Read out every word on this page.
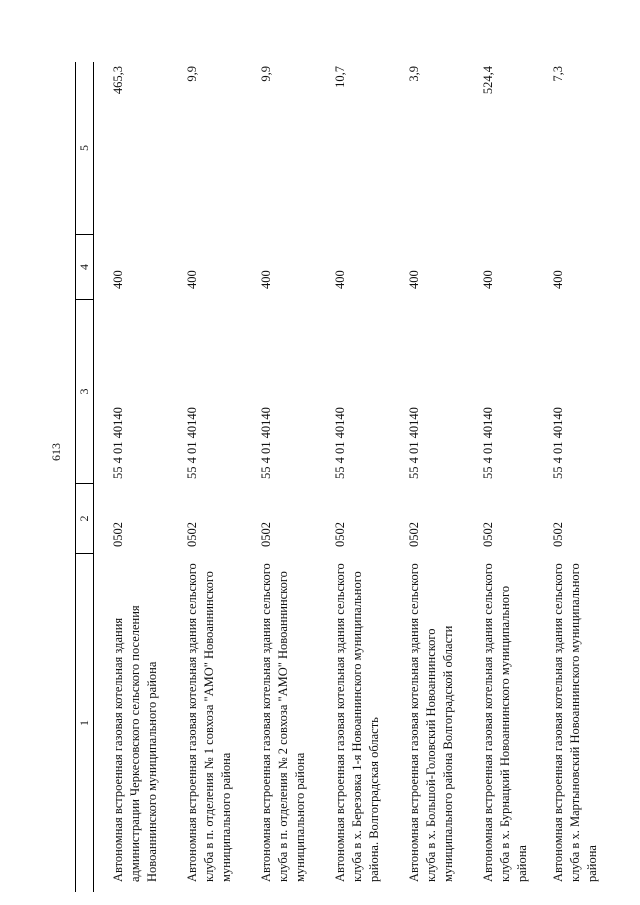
613
1
2
3
4
5
Автономная встроенная газовая котельная здания администрации Черкесовского сельского поселения Новоаннинского муниципального района
0502
55 4 01 40140
400
465,3
Автономная встроенная газовая котельная здания сельского клуба в п. отделения № 1 совхоза "АМО" Новоаннинского муниципального района
0502
55 4 01 40140
400
9,9
Автономная встроенная газовая котельная здания сельского клуба в п. отделения № 2 совхоза "АМО" Новоаннинского муниципального района
0502
55 4 01 40140
400
9,9
Автономная встроенная газовая котельная здания сельского клуба в х. Березовка 1-я Новоаннинского муниципального района. Волгоградская область
0502
55 4 01 40140
400
10,7
Автономная встроенная газовая котельная здания сельского клуба в х. Большой-Головский Новоаннинского муниципального района Волгоградской области
0502
55 4 01 40140
400
3,9
Автономная встроенная газовая котельная здания сельского клуба в х. Бурнацкий Новоаннинского муниципального района
0502
55 4 01 40140
400
524,4
Автономная встроенная газовая котельная здания сельского клуба в х. Мартыновский Новоаннинского муниципального района
0502
55 4 01 40140
400
7,3
